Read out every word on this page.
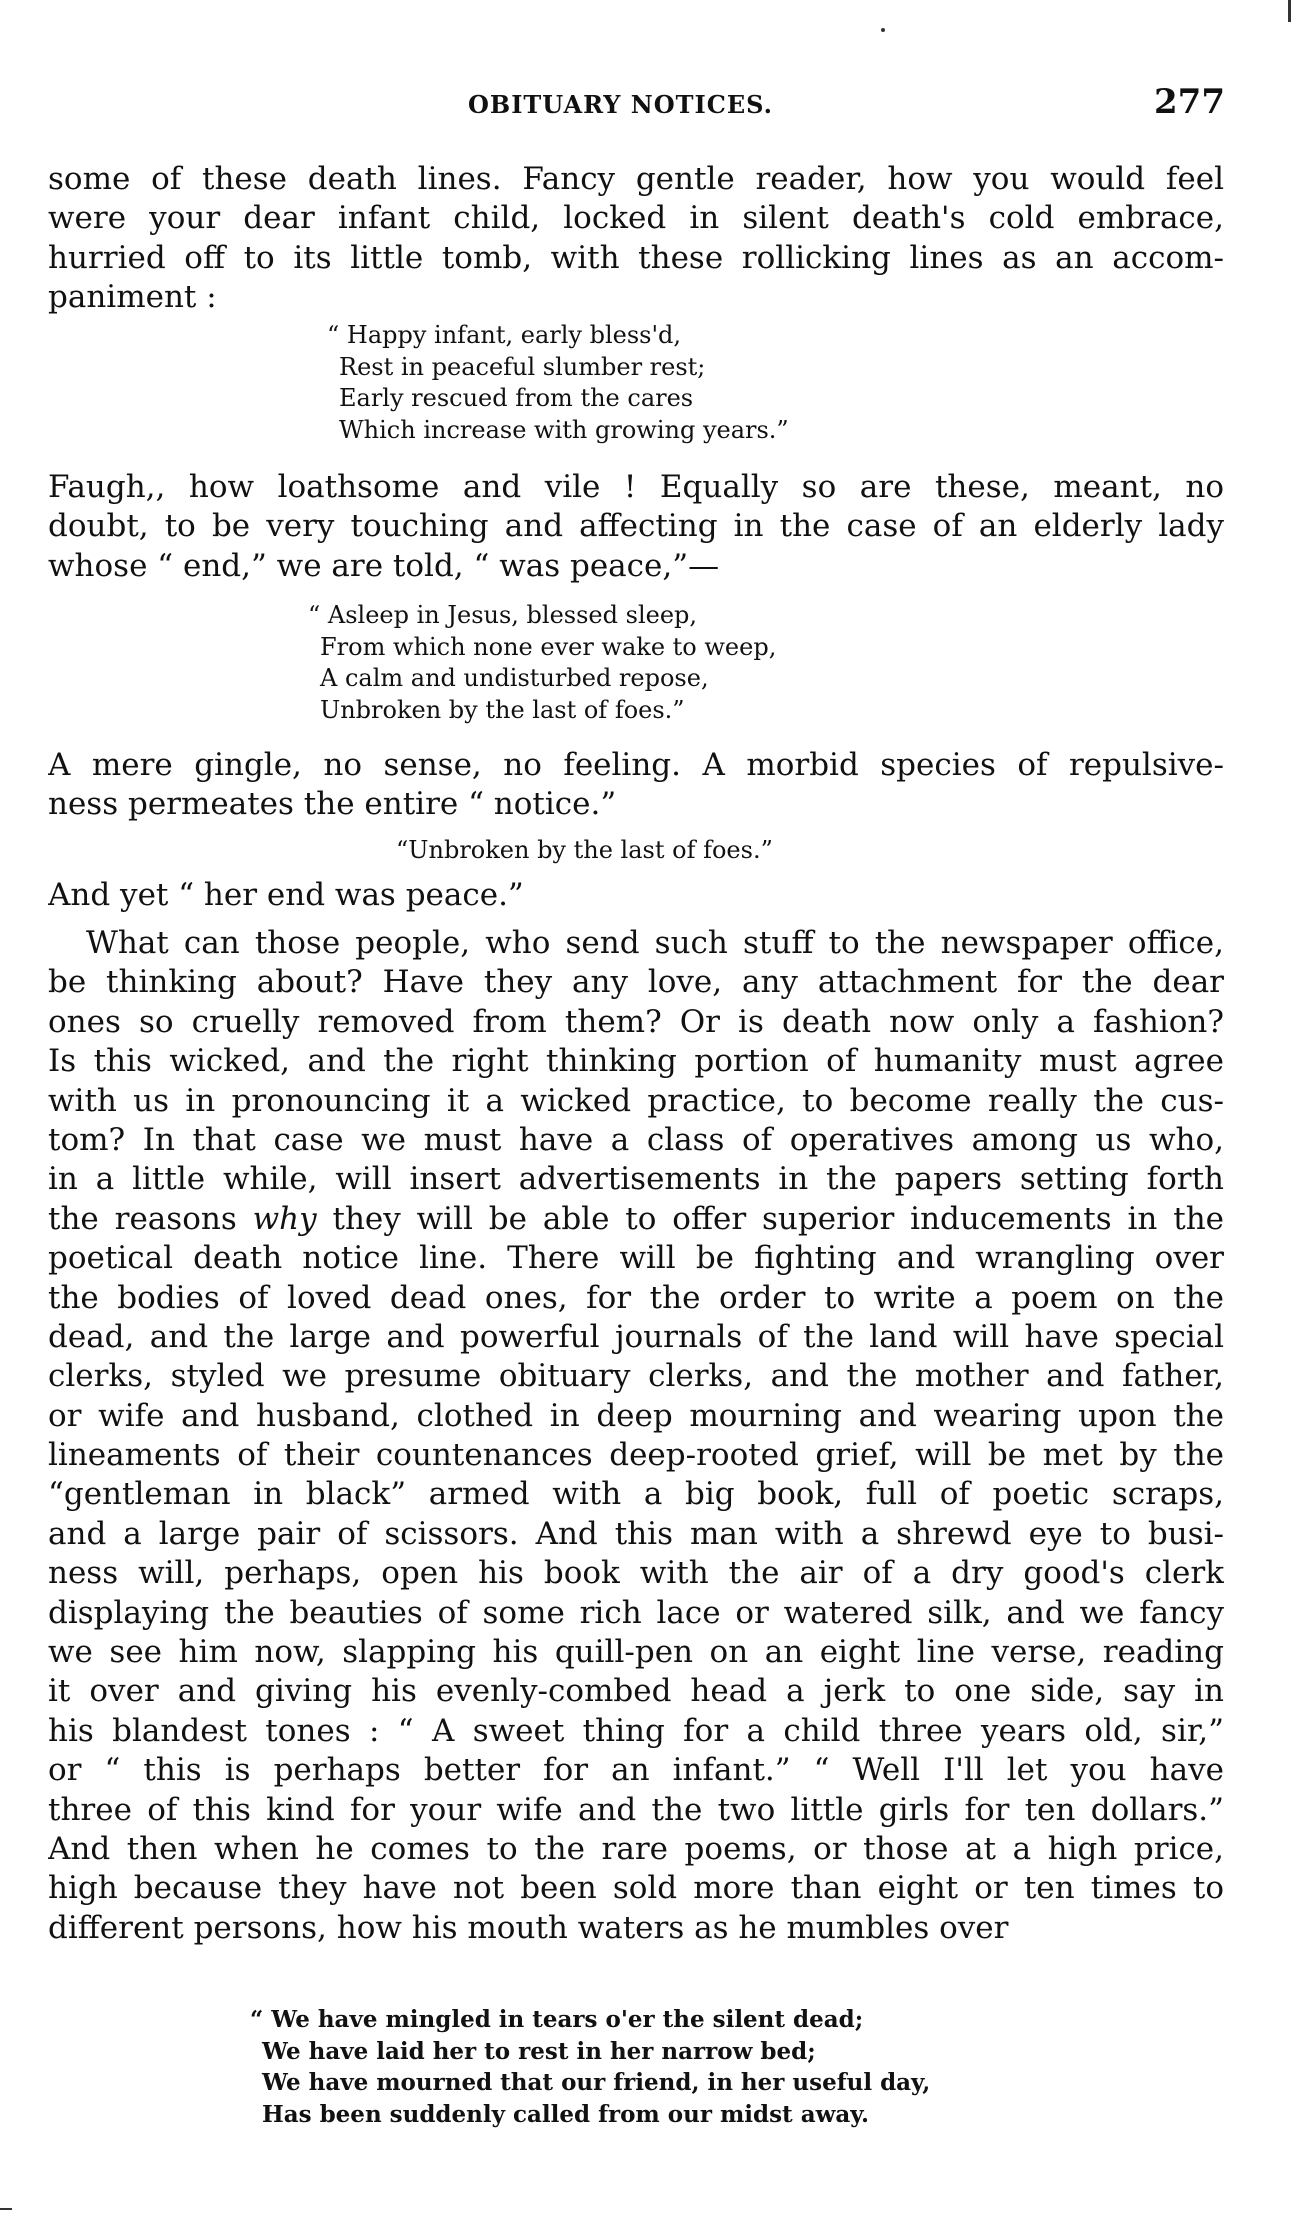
OBITUARY NOTICES.	277
some of these death lines. Fancy gentle reader, how you would feel
were your dear infant child, locked in silent death's cold embrace,
hurried off to its little tomb, with these rollicking lines as an accom-
paniment :
“ Happy infant, early bless'd,
Rest in peaceful slumber rest;
Early rescued from the cares
Which increase with growing years.”
Faugh,, how loathsome and vile ! Equally so are these, meant, no
doubt, to be very touching and affecting in the case of an elderly lady
whose “ end,” we are told, “ was peace,”—
“ Asleep in Jesus, blessed sleep,
From which none ever wake to weep,
A calm and undisturbed repose,
Unbroken by the last of foes.”
A mere gingle, no sense, no feeling. A morbid species of repulsive-
ness permeates the entire “ notice.”
“Unbroken by the last of foes.”
And yet “ her end was peace.”
What can those people, who send such stuff to the newspaper office,
be thinking about? Have they any love, any attachment for the dear
ones so cruelly removed from them? Or is death now only a fashion?
Is this wicked, and the right thinking portion of humanity must agree
with us in pronouncing it a wicked practice, to become really the cus-
tom? In that case we must have a class of operatives among us who,
in a little while, will insert advertisements in the papers setting forth
the reasons why they will be able to offer superior inducements in the
poetical death notice line. There will be fighting and wrangling over
the bodies of loved dead ones, for the order to write a poem on the
dead, and the large and powerful journals of the land will have special
clerks, styled we presume obituary clerks, and the mother and father,
or wife and husband, clothed in deep mourning and wearing upon the
lineaments of their countenances deep-rooted grief, will be met by the
“gentleman in black” armed with a big book, full of poetic scraps,
and a large pair of scissors. And this man with a shrewd eye to busi-
ness will, perhaps, open his book with the air of a dry good's clerk
displaying the beauties of some rich lace or watered silk, and we fancy
we see him now, slapping his quill-pen on an eight line verse, reading
it over and giving his evenly-combed head a jerk to one side, say in
his blandest tones : “ A sweet thing for a child three years old, sir,”
or “ this is perhaps better for an infant.” “ Well I'll let you have
three of this kind for your wife and the two little girls for ten dollars.”
And then when he comes to the rare poems, or those at a high price,
high because they have not been sold more than eight or ten times to
different persons, how his mouth waters as he mumbles over
“ We have mingled in tears o'er the silent dead;
We have laid her to rest in her narrow bed;
We have mourned that our friend, in her useful day,
Has been suddenly called from our midst away.
